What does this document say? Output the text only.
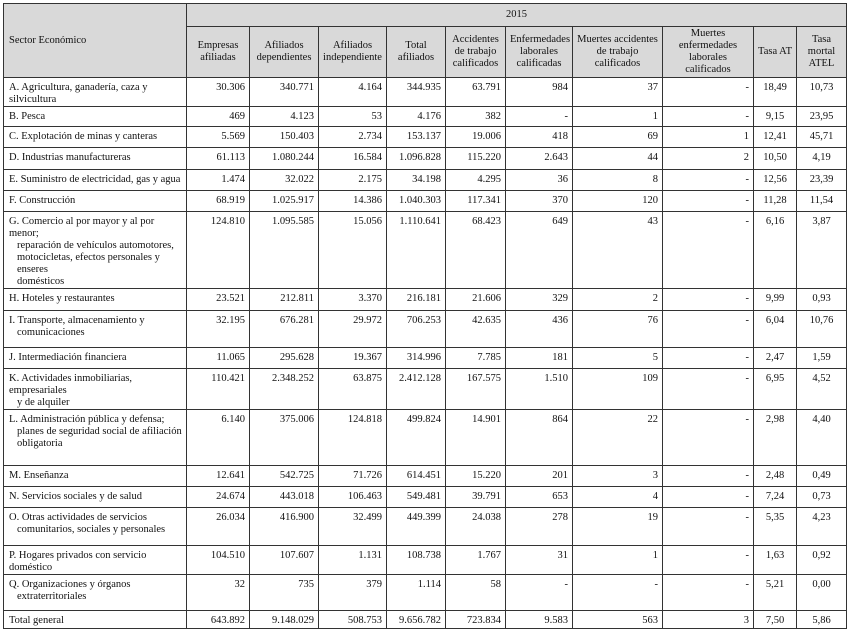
Sector Económico	2015									
	Empresas afiliadas	Afiliados dependientes	Afiliados independiente	Total afiliados	Accidentes de trabajo calificados	Enfermedades laborales calificadas	Muertes accidentes de trabajo calificados	Muertes enfermedades laborales calificados	Tasa AT	Tasa mortal ATEL
A. Agricultura, ganadería, caza y silvicultura	30.306	340.771	4.164	344.935	63.791	984	37	-	18,49	10,73
B. Pesca	469	4.123	53	4.176	382	-	1	-	9,15	23,95
C. Explotación de minas y canteras	5.569	150.403	2.734	153.137	19.006	418	69	1	12,41	45,71
D. Industrias manufactureras	61.113	1.080.244	16.584	1.096.828	115.220	2.643	44	2	10,50	4,19
E. Suministro de electricidad, gas y agua	1.474	32.022	2.175	34.198	4.295	36	8	-	12,56	23,39
F. Construcción	68.919	1.025.917	14.386	1.040.303	117.341	370	120	-	11,28	11,54

G. Comercio al por mayor y al por menor;
reparación de vehículos automotores,
motocicletas, efectos personales y enseres
domésticos	124.810	1.095.585	15.056	1.110.641	68.423	649	43	-	6,16	3,87
H. Hoteles y restaurantes	23.521	212.811	3.370	216.181	21.606	329	2	-	9,99	0,93

I. Transporte, almacenamiento y
comunicaciones	32.195	676.281	29.972	706.253	42.635	436	76	-	6,04	10,76
J. Intermediación financiera	11.065	295.628	19.367	314.996	7.785	181	5	-	2,47	1,59

K. Actividades inmobiliarias, empresariales
y de alquiler	110.421	2.348.252	63.875	2.412.128	167.575	1.510	109	-	6,95	4,52

L. Administración pública y defensa;
planes de seguridad social de afiliación
obligatoria	6.140	375.006	124.818	499.824	14.901	864	22	-	2,98	4,40
M. Enseñanza	12.641	542.725	71.726	614.451	15.220	201	3	-	2,48	0,49
N. Servicios sociales y de salud	24.674	443.018	106.463	549.481	39.791	653	4	-	7,24	0,73

O. Otras actividades de servicios
comunitarios, sociales y personales	26.034	416.900	32.499	449.399	24.038	278	19	-	5,35	4,23
P. Hogares privados con servicio doméstico	104.510	107.607	1.131	108.738	1.767	31	1	-	1,63	0,92

Q. Organizaciones y órganos
extraterritoriales	32	735	379	1.114	58	-	-	-	5,21	0,00
Total general	643.892	9.148.029	508.753	9.656.782	723.834	9.583	563	3	7,50	5,86
